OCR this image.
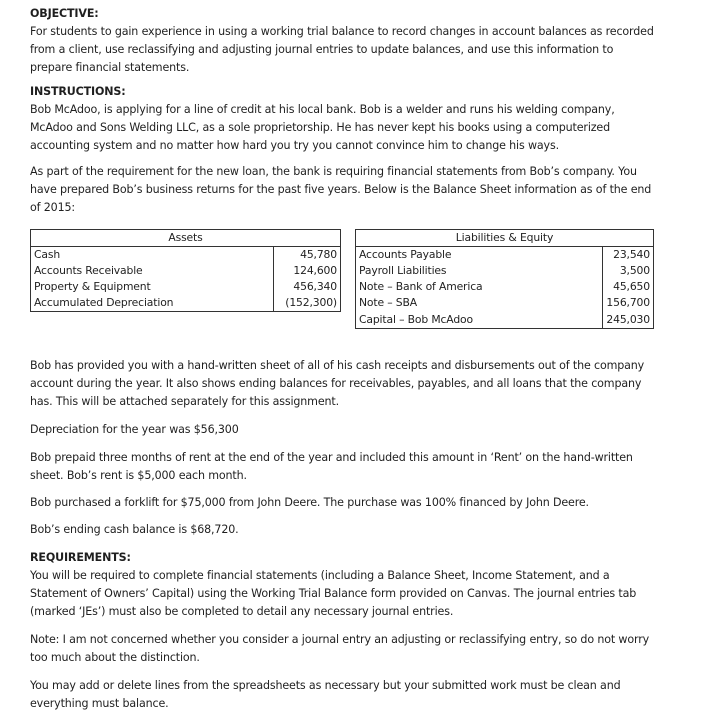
OBJECTIVE:
For students to gain experience in using a working trial balance to record changes in account balances as recorded
from a client, use reclassifying and adjusting journal entries to update balances, and use this information to
prepare financial statements.
INSTRUCTIONS:
Bob McAdoo, is applying for a line of credit at his local bank. Bob is a welder and runs his welding company,
McAdoo and Sons Welding LLC, as a sole proprietorship. He has never kept his books using a computerized
accounting system and no matter how hard you try you cannot convince him to change his ways.
As part of the requirement for the new loan, the bank is requiring financial statements from Bob’s company. You
have prepared Bob’s business returns for the past five years. Below is the Balance Sheet information as of the end
of 2015:
Assets			Liabilities & Equity	
Cash	45,780		Accounts Payable	23,540
Accounts Receivable	124,600		Payroll Liabilities	3,500
Property & Equipment	456,340		Note – Bank of America	45,650
Accumulated Depreciation	(152,300)		Note – SBA	156,700
			Capital – Bob McAdoo	245,030
Bob has provided you with a hand-written sheet of all of his cash receipts and disbursements out of the company
account during the year. It also shows ending balances for receivables, payables, and all loans that the company
has. This will be attached separately for this assignment.
Depreciation for the year was $56,300
Bob prepaid three months of rent at the end of the year and included this amount in ‘Rent’ on the hand-written
sheet. Bob’s rent is $5,000 each month.
Bob purchased a forklift for $75,000 from John Deere. The purchase was 100% financed by John Deere.
Bob’s ending cash balance is $68,720.
REQUIREMENTS:
You will be required to complete financial statements (including a Balance Sheet, Income Statement, and a
Statement of Owners’ Capital) using the Working Trial Balance form provided on Canvas. The journal entries tab
(marked ‘JEs’) must also be completed to detail any necessary journal entries.
Note: I am not concerned whether you consider a journal entry an adjusting or reclassifying entry, so do not worry
too much about the distinction.
You may add or delete lines from the spreadsheets as necessary but your submitted work must be clean and
everything must balance.
